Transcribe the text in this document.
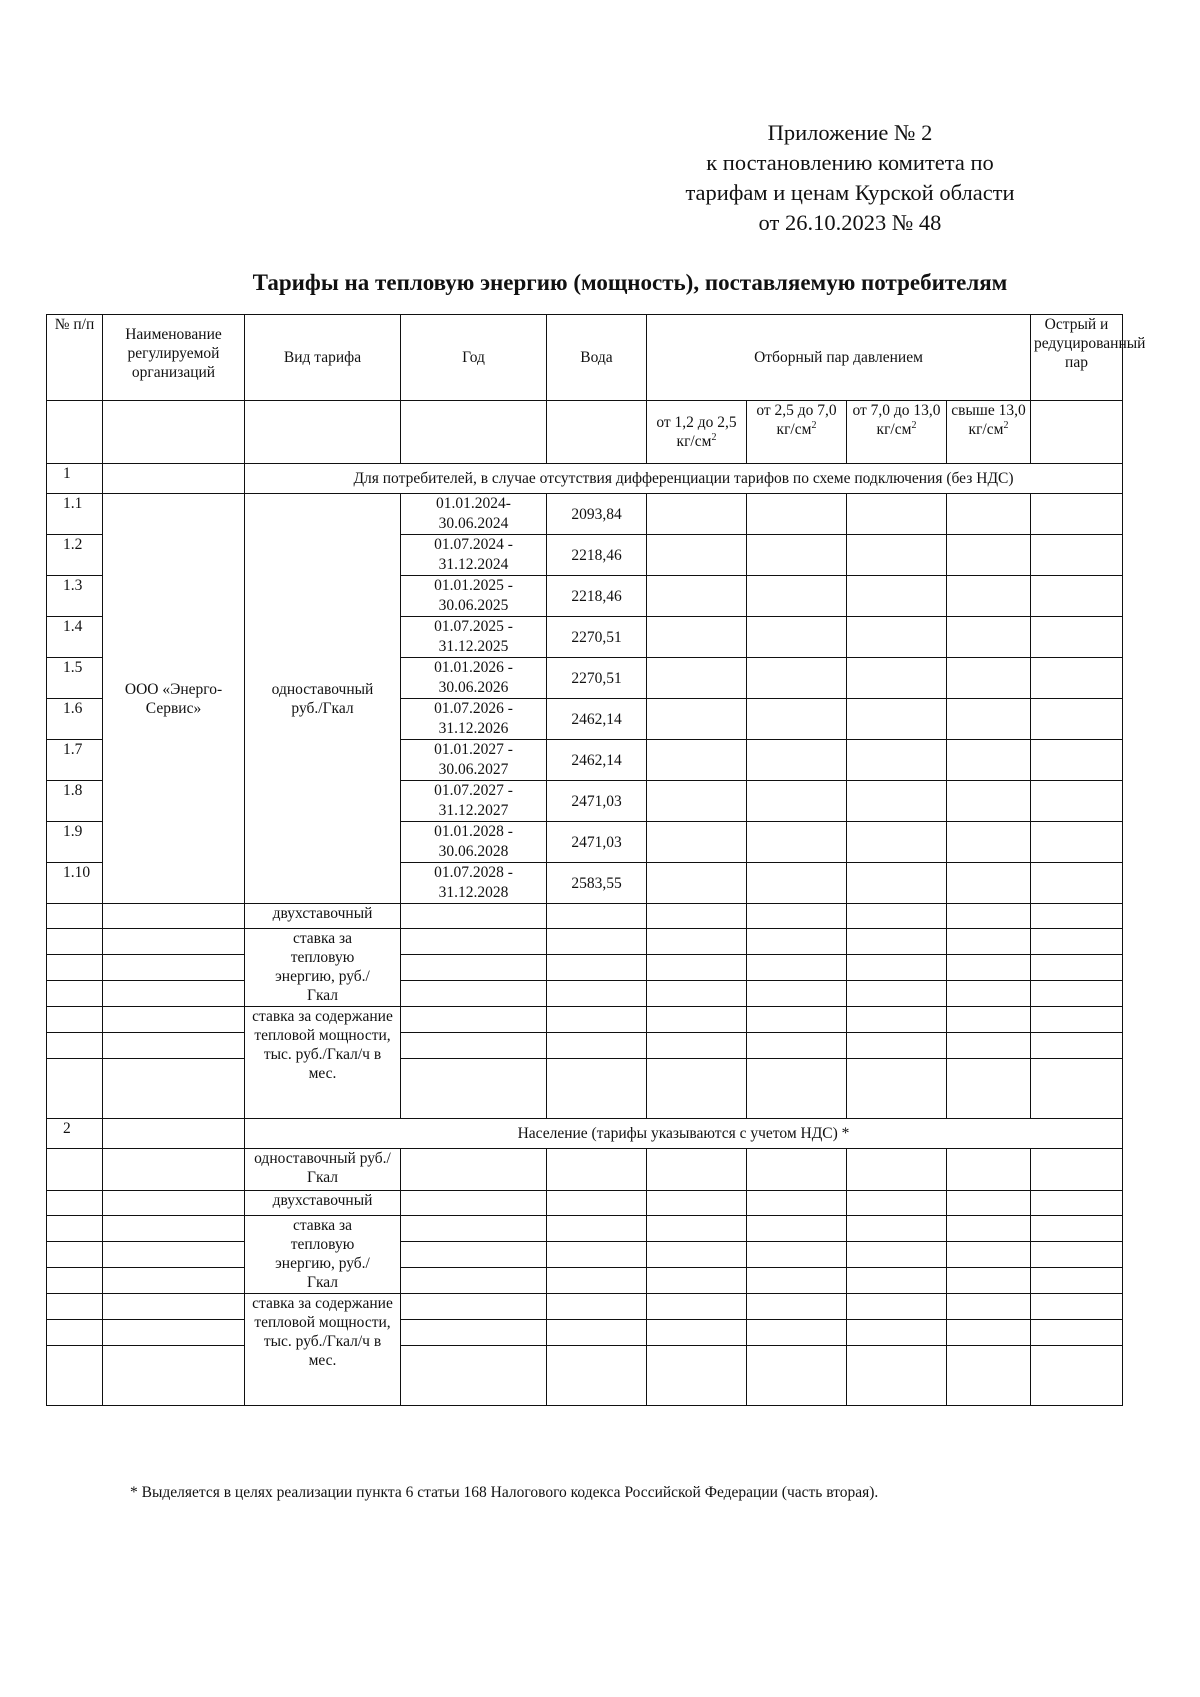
Приложение № 2
к постановлению комитета по
тарифам и ценам Курской области
от 26.10.2023 № 48
Тарифы на тепловую энергию (мощность), поставляемую потребителям
№ п/п	Наименование регулируемой организаций	Вид тарифа	Год	Вода	Отборный пар давлением				Острый и редуцированный пар
					от 1,2 до 2,5 $кг/см^2$	от 2,5 до 7,0 $кг/см^2$	от 7,0 до 13,0 $кг/см^2$	свыше 13,0 $кг/см^2$	
1		Для потребителей, в случае отсутствия дифференциации тарифов по схеме подключения (без НДС)							
1.1	ООО «Энерго-Сервис»	одноставочный руб./Гкал	01.01.2024-30.06.2024	2093,84					
1.2			01.07.2024 - 31.12.2024	2218,46					
1.3			01.01.2025 - 30.06.2025	2218,46					
1.4			01.07.2025 - 31.12.2025	2270,51					
1.5			01.01.2026 - 30.06.2026	2270,51					
1.6			01.07.2026 - 31.12.2026	2462,14					
1.7			01.01.2027 - 30.06.2027	2462,14					
1.8			01.07.2027 - 31.12.2027	2471,03					
1.9			01.01.2028 - 30.06.2028	2471,03					
1.10			01.07.2028 - 31.12.2028	2583,55					
		двухставочный							
		ставка за тепловую энергию, руб./Гкал							

		ставка за содержание тепловой мощности, тыс. руб./Гкал/ч в мес.							

2		Население (тарифы указываются с учетом НДС) *							
		одноставочный руб./Гкал							
		двухставочный							
		ставка за тепловую энергию, руб./Гкал							

		ставка за содержание тепловой мощности, тыс. руб./Гкал/ч в мес.							

* Выделяется в целях реализации пункта 6 статьи 168 Налогового кодекса Российской Федерации (часть вторая).
